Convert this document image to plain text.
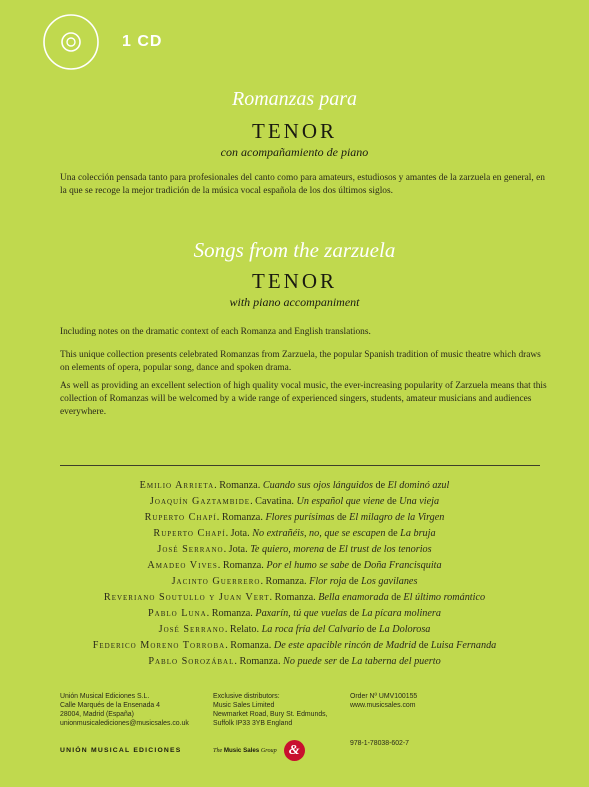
1 CD
Romanzas para
TENOR
con acompañamiento de piano

Una colección pensada tanto para profesionales del canto como para amateurs, estudiosos y amantes de la zarzuela en general, en la que se recoge la mejor tradición de la música vocal española de los dos últimos siglos.

Songs from the zarzuela
TENOR
with piano accompaniment

Including notes on the dramatic context of each Romanza and English translations.

This unique collection presents celebrated Romanzas from Zarzuela, the popular Spanish tradition of music theatre which draws on elements of opera, popular song, dance and spoken drama.

As well as providing an excellent selection of high quality vocal music, the ever-increasing popularity of Zarzuela means that this collection of Romanzas will be welcomed by a wide range of experienced singers, students, amateur musicians and audiences everywhere.

Emilio Arrieta. Romanza. Cuando sus ojos lánguidos de El dominó azul
Joaquín Gaztambide. Cavatina. Un español que viene de Una vieja
Ruperto Chapí. Romanza. Flores purísimas de El milagro de la Virgen
Ruperto Chapí. Jota. No extrañéis, no, que se escapen de La bruja
José Serrano. Jota. Te quiero, morena de El trust de los tenorios
Amadeo Vives. Romanza. Por el humo se sabe de Doña Francisquita
Jacinto Guerrero. Romanza. Flor roja de Los gavilanes
Reveriano Soutullo y Juan Vert. Romanza. Bella enamorada de El último romántico
Pablo Luna. Romanza. Paxarín, tú que vuelas de La pícara molinera
José Serrano. Relato. La roca fría del Calvario de La Dolorosa
Federico Moreno Torroba. Romanza. De este apacible rincón de Madrid de Luisa Fernanda
Pablo Sorozábal. Romanza. No puede ser de La taberna del puerto
Unión Musical Ediciones S.L.
Calle Marqués de la Ensenada 4
28004, Madrid (España)
unionmusicalediciones@musicsales.co.uk
Exclusive distributors:
Music Sales Limited
Newmarket Road, Bury St. Edmunds,
Suffolk IP33 3YB England
Order Nº UMV100155
www.musicsales.com
978-1-78038-602-7
UNIÓN MUSICAL EDICIONES	The Music Sales Group &
